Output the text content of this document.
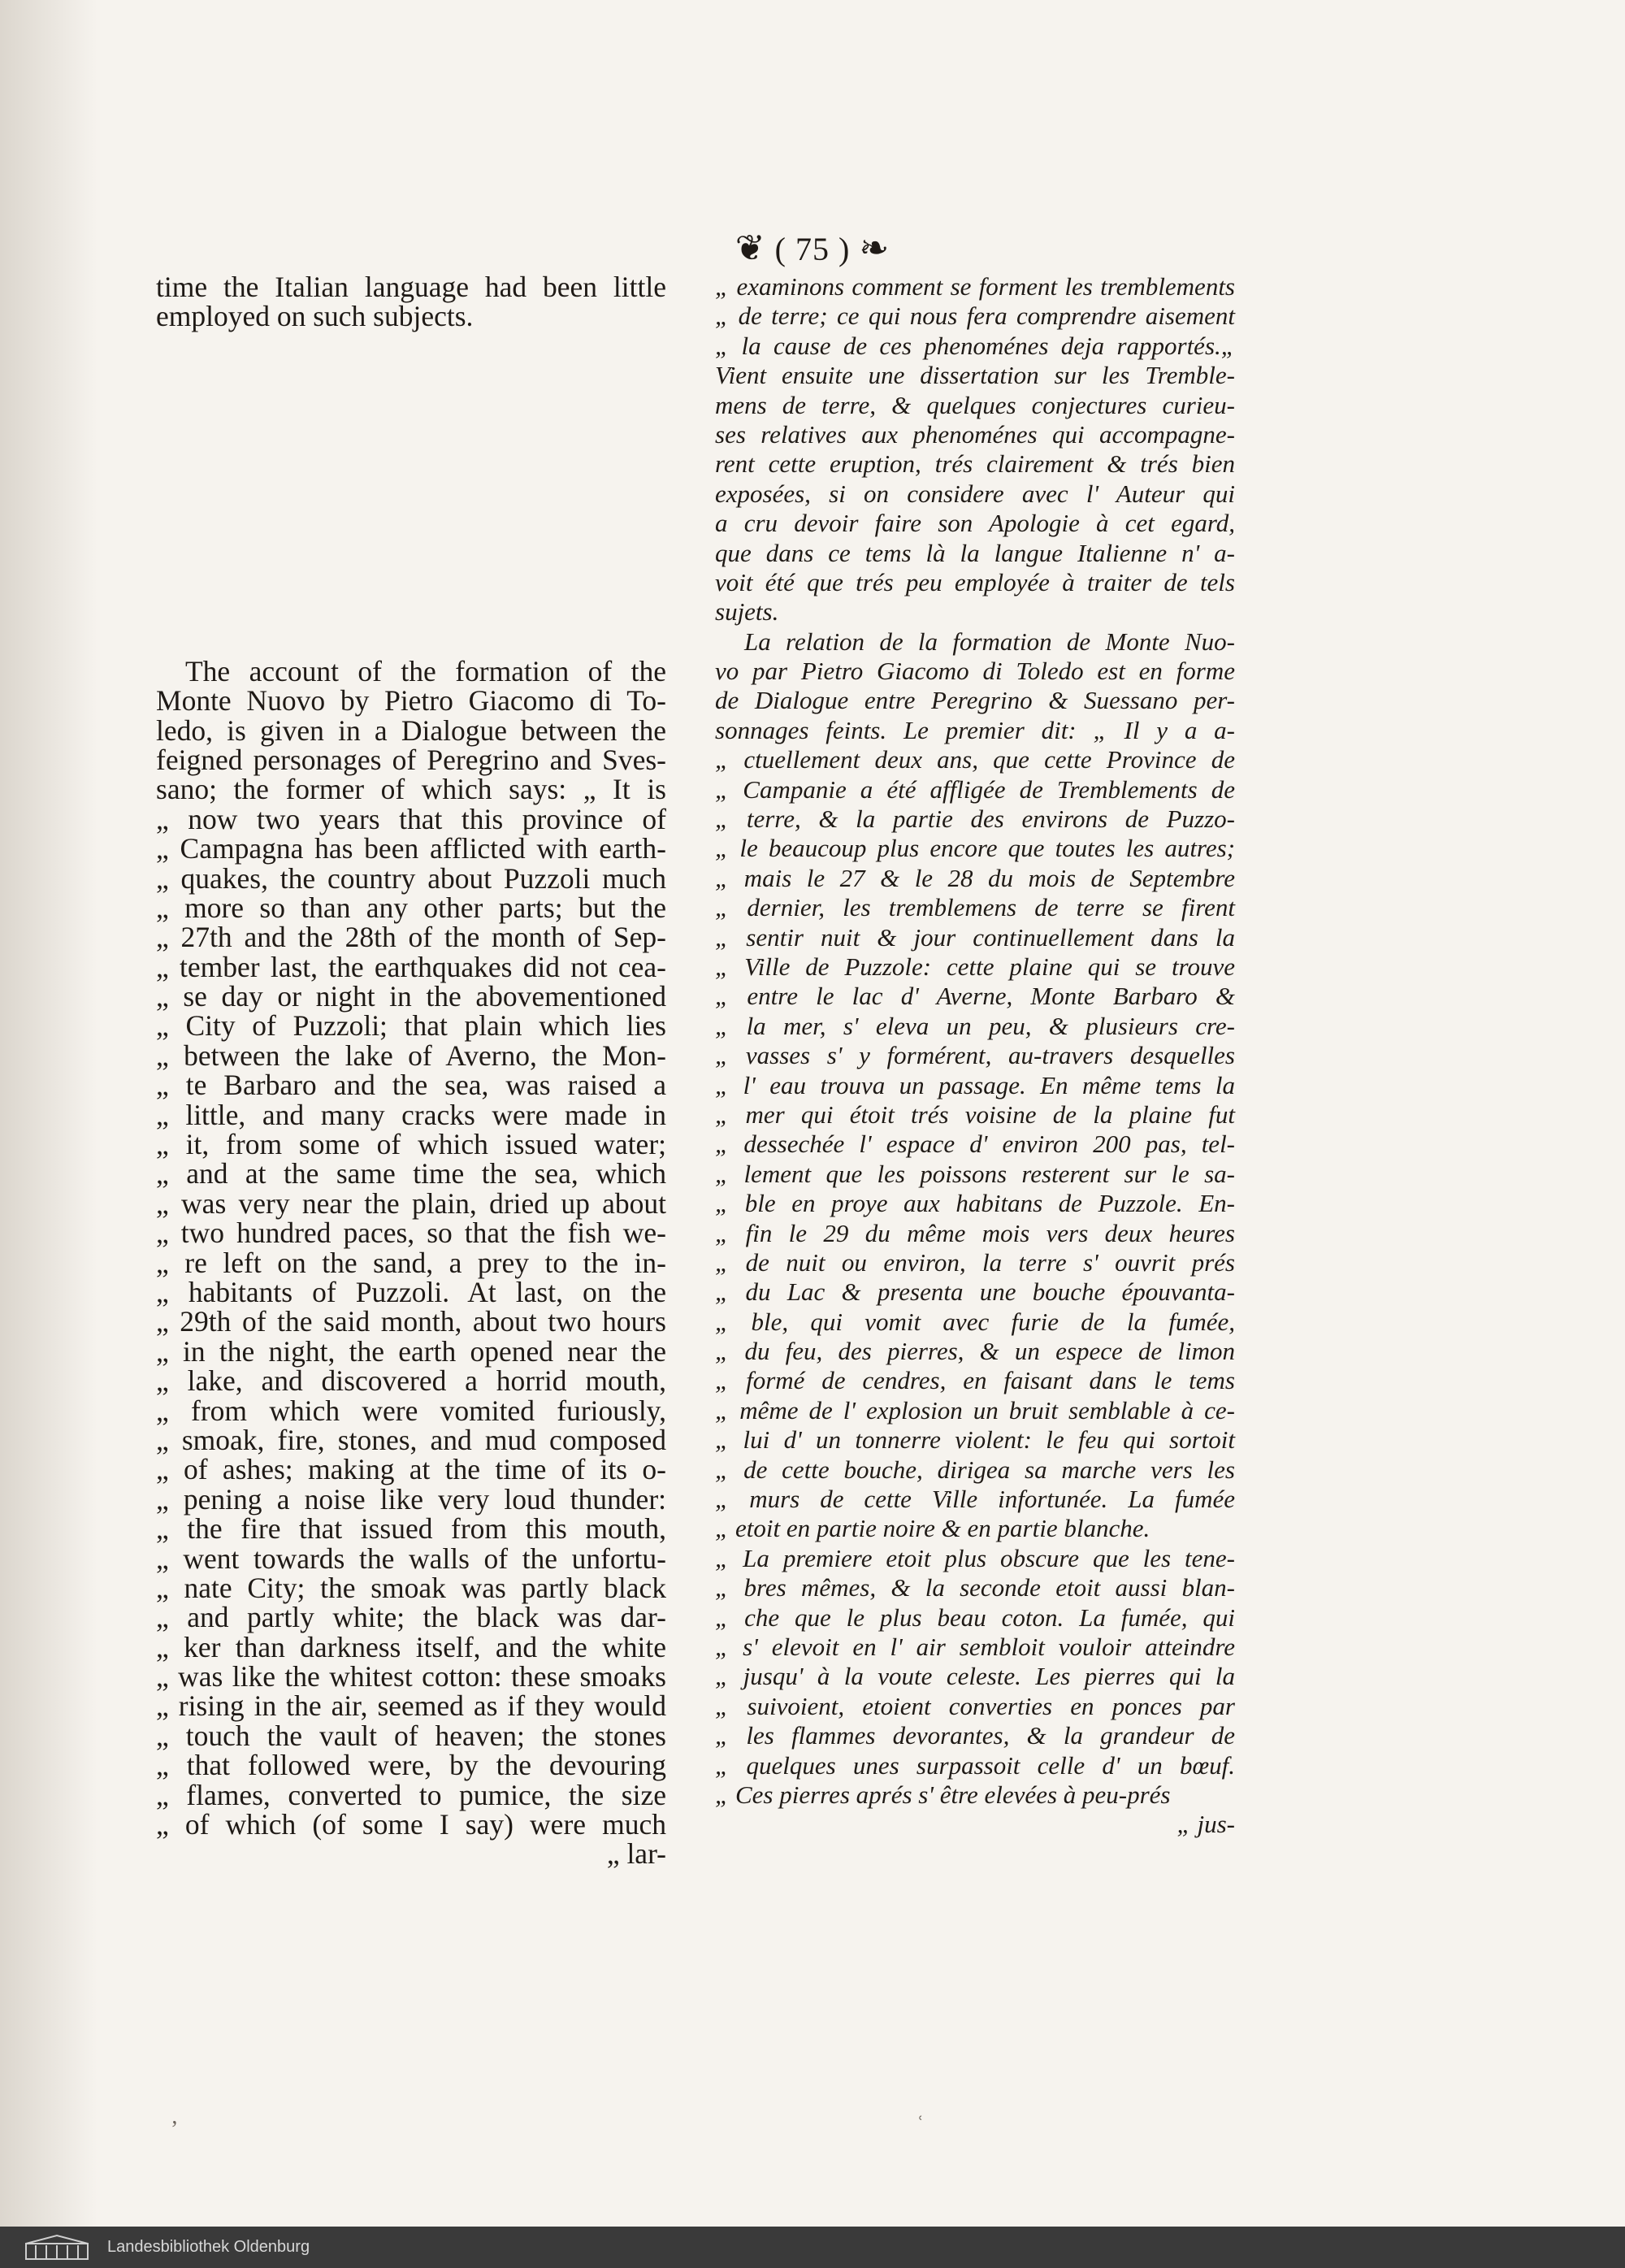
❦ ( 75 ) ❧
time the Italian language had been little
employed on such subjects.
The account of the formation of the
Monte Nuovo by Pietro Giacomo di To-
ledo, is given in a Dialogue between the
feigned personages of Peregrino and Sves-
sano; the former of which says: „ It is
„ now two years that this province of
„ Campagna has been afflicted with earth-
„ quakes, the country about Puzzoli much
„ more so than any other parts; but the
„ 27th and the 28th of the month of Sep-
„ tember last, the earthquakes did not cea-
„ se day or night in the abovementioned
„ City of Puzzoli; that plain which lies
„ between the lake of Averno, the Mon-
„ te Barbaro and the sea, was raised a
„ little, and many cracks were made in
„ it, from some of which issued water;
„ and at the same time the sea, which
„ was very near the plain, dried up about
„ two hundred paces, so that the fish we-
„ re left on the sand, a prey to the in-
„ habitants of Puzzoli. At last, on the
„ 29th of the said month, about two hours
„ in the night, the earth opened near the
„ lake, and discovered a horrid mouth,
„ from which were vomited furiously,
„ smoak, fire, stones, and mud composed
„ of ashes; making at the time of its o-
„ pening a noise like very loud thunder:
„ the fire that issued from this mouth,
„ went towards the walls of the unfortu-
„ nate City; the smoak was partly black
„ and partly white; the black was dar-
„ ker than darkness itself, and the white
„ was like the whitest cotton: these smoaks
„ rising in the air, seemed as if they would
„ touch the vault of heaven; the stones
„ that followed were, by the devouring
„ flames, converted to pumice, the size
„ of which (of some I say) were much
„ lar-
„ examinons comment se forment les tremblements
„ de terre; ce qui nous fera comprendre aisement
„ la cause de ces phenoménes deja rapportés.„
Vient ensuite une dissertation sur les Tremble-
mens de terre, & quelques conjectures curieu-
ses relatives aux phenoménes qui accompagne-
rent cette eruption, trés clairement & trés bien
exposées, si on considere avec l' Auteur qui
a cru devoir faire son Apologie à cet egard,
que dans ce tems là la langue Italienne n' a-
voit été que trés peu employée à traiter de tels
sujets.
La relation de la formation de Monte Nuo-
vo par Pietro Giacomo di Toledo est en forme
de Dialogue entre Peregrino & Suessano per-
sonnages feints. Le premier dit: „ Il y a a-
„ ctuellement deux ans, que cette Province de
„ Campanie a été affligée de Tremblements de
„ terre, & la partie des environs de Puzzo-
„ le beaucoup plus encore que toutes les autres;
„ mais le 27 & le 28 du mois de Septembre
„ dernier, les tremblemens de terre se firent
„ sentir nuit & jour continuellement dans la
„ Ville de Puzzole: cette plaine qui se trouve
„ entre le lac d' Averne, Monte Barbaro &
„ la mer, s' eleva un peu, & plusieurs cre-
„ vasses s' y formérent, au-travers desquelles
„ l' eau trouva un passage. En même tems la
„ mer qui étoit trés voisine de la plaine fut
„ dessechée l' espace d' environ 200 pas, tel-
„ lement que les poissons resterent sur le sa-
„ ble en proye aux habitans de Puzzole. En-
„ fin le 29 du même mois vers deux heures
„ de nuit ou environ, la terre s' ouvrit prés
„ du Lac & presenta une bouche épouvanta-
„ ble, qui vomit avec furie de la fumée,
„ du feu, des pierres, & un espece de limon
„ formé de cendres, en faisant dans le tems
„ même de l' explosion un bruit semblable à ce-
„ lui d' un tonnerre violent: le feu qui sortoit
„ de cette bouche, dirigea sa marche vers les
„ murs de cette Ville infortunée. La fumée
„ etoit en partie noire & en partie blanche.
„ La premiere etoit plus obscure que les tene-
„ bres mêmes, & la seconde etoit aussi blan-
„ che que le plus beau coton. La fumée, qui
„ s' elevoit en l' air sembloit vouloir atteindre
„ jusqu' à la voute celeste. Les pierres qui la
„ suivoient, etoient converties en ponces par
„ les flammes devorantes, & la grandeur de
„ quelques unes surpassoit celle d' un bœuf.
„ Ces pierres aprés s' être elevées à peu-prés
„ jus-
ʼ	ʿ
Landesbibliothek Oldenburg
